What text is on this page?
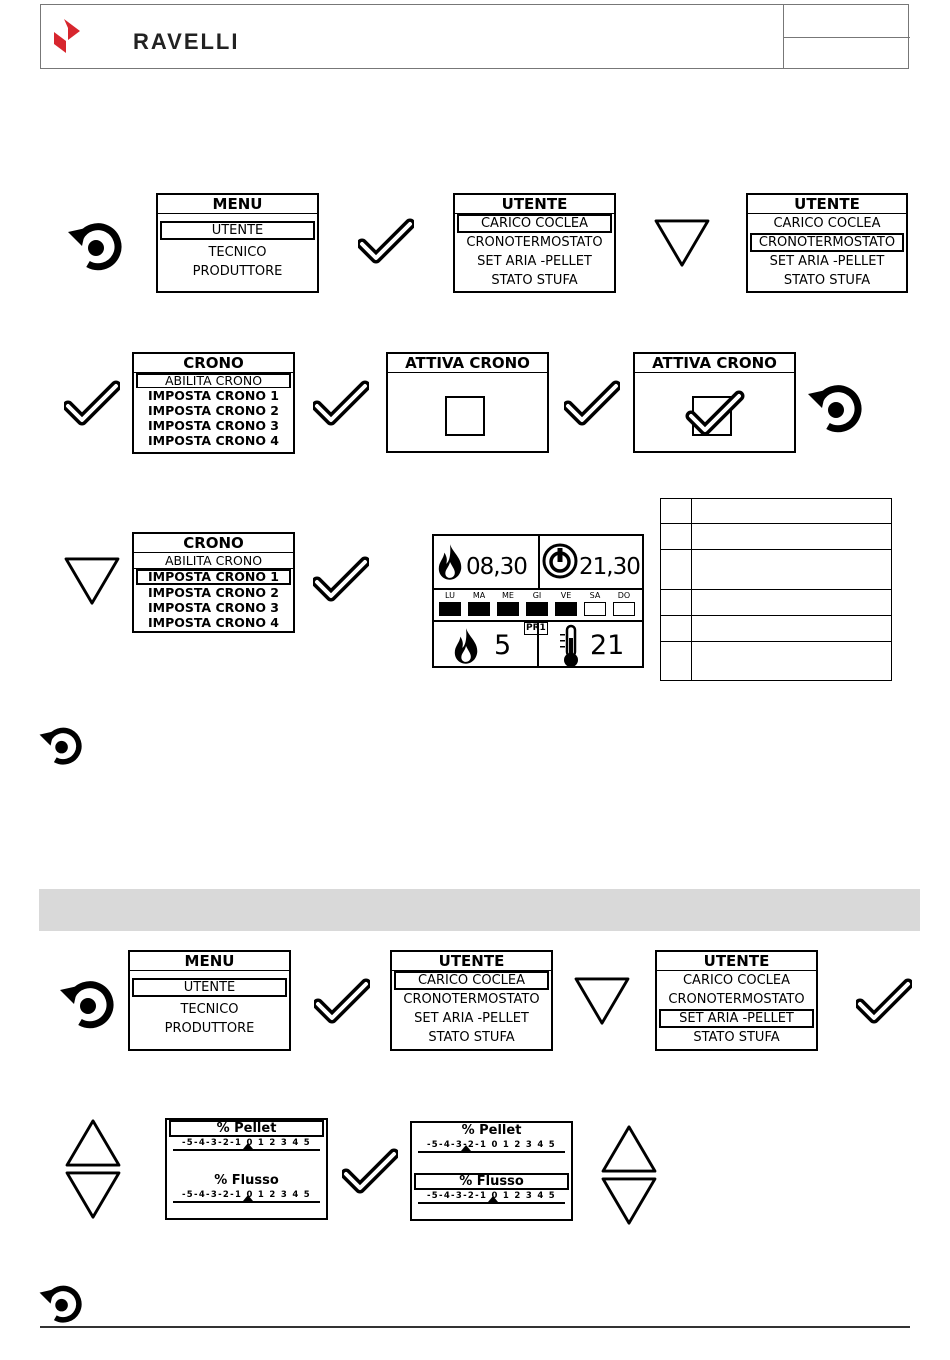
RAVELLI
MENU
UTENTE
TECNICO
PRODUTTORE
UTENTE
CARICO COCLEA
CRONOTERMOSTATO
SET ARIA -PELLET
STATO STUFA
UTENTE
CARICO COCLEA
CRONOTERMOSTATO
SET ARIA -PELLET
STATO STUFA
CRONO
ABILITA CRONO
IMPOSTA CRONO 1
IMPOSTA CRONO 2
IMPOSTA CRONO 3
IMPOSTA CRONO 4
ATTIVA CRONO	ATTIVA CRONO
CRONO
ABILITA CRONO
IMPOSTA CRONO 1
IMPOSTA CRONO 2
IMPOSTA CRONO 3
IMPOSTA CRONO 4
08,30 21,30
LU	MA	ME	GI	VE	SA	DO
PR1
5	21
MENU
UTENTE
TECNICO
PRODUTTORE
UTENTE
CARICO COCLEA
CRONOTERMOSTATO
SET ARIA -PELLET
STATO STUFA
UTENTE
CARICO COCLEA
CRONOTERMOSTATO
SET ARIA -PELLET
STATO STUFA
% Pellet
-5-4-3-2-1 0 1 2 3 4 5
% Flusso
-5-4-3-2-1 0 1 2 3 4 5
% Pellet
-5-4-3-2-1 0 1 2 3 4 5
% Flusso
-5-4-3-2-1 0 1 2 3 4 5
